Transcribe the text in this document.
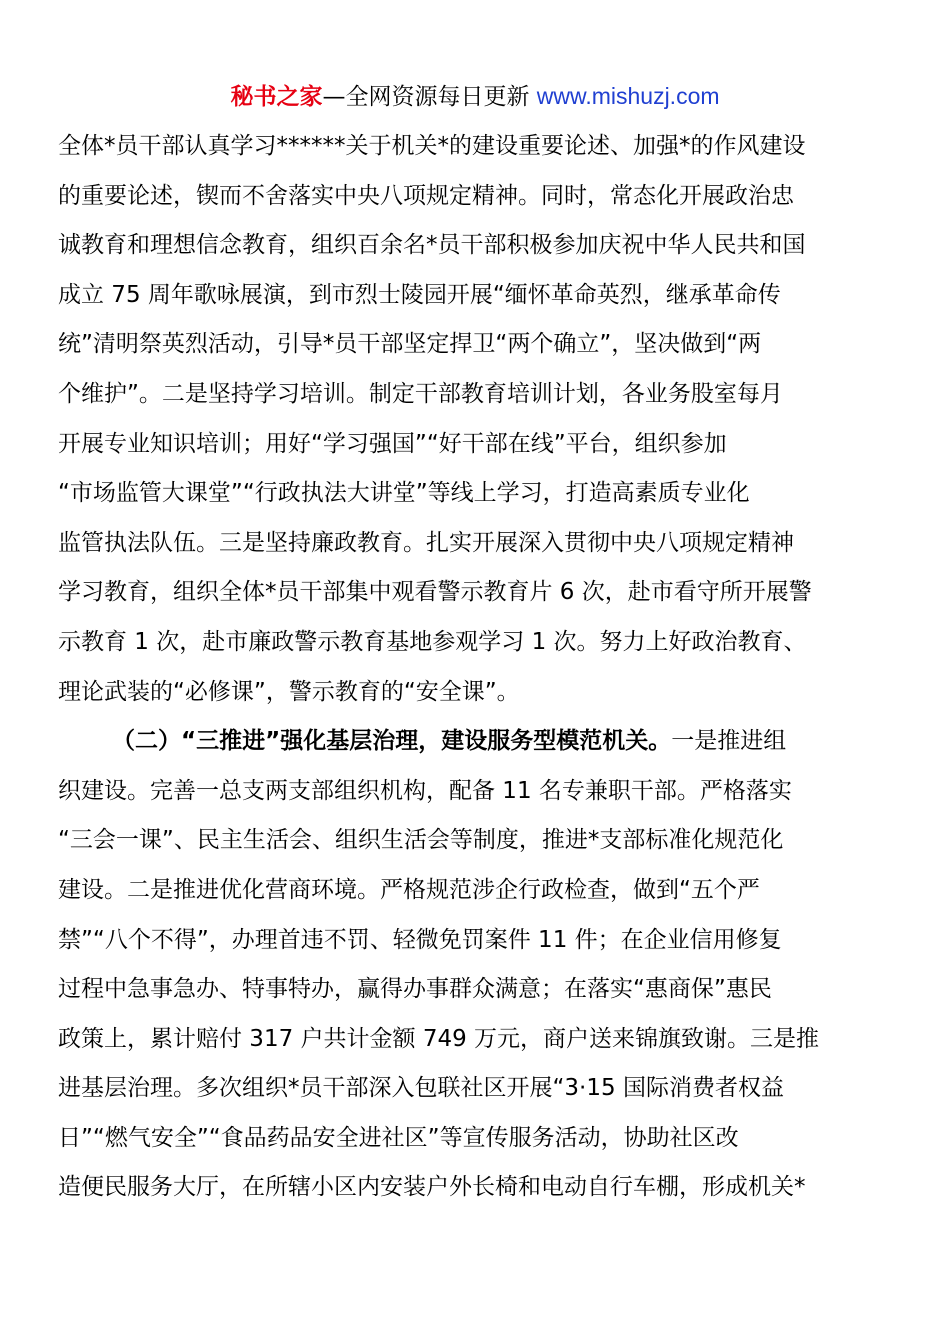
秘书之家—全网资源每日更新 www.mishuzj.com
全体*员干部认真学习******关于机关*的建设重要论述、加强*的作风建设
的重要论述，锲而不舍落实中央八项规定精神。同时，常态化开展政治忠
诚教育和理想信念教育，组织百余名*员干部积极参加庆祝中华人民共和国
成立 75 周年歌咏展演，到市烈士陵园开展“缅怀革命英烈，继承革命传
统”清明祭英烈活动，引导*员干部坚定捍卫“两个确立”，坚决做到“两
个维护”。二是坚持学习培训。制定干部教育培训计划，各业务股室每月
开展专业知识培训；用好“学习强国”“好干部在线”平台，组织参加
“市场监管大课堂”“行政执法大讲堂”等线上学习，打造高素质专业化
监管执法队伍。三是坚持廉政教育。扎实开展深入贯彻中央八项规定精神
学习教育，组织全体*员干部集中观看警示教育片 6 次，赴市看守所开展警
示教育 1 次，赴市廉政警示教育基地参观学习 1 次。努力上好政治教育、
理论武装的“必修课”，警示教育的“安全课”。
（二）“三推进”强化基层治理，建设服务型模范机关。一是推进组
织建设。完善一总支两支部组织机构，配备 11 名专兼职干部。严格落实
“三会一课”、民主生活会、组织生活会等制度，推进*支部标准化规范化
建设。二是推进优化营商环境。严格规范涉企行政检查，做到“五个严
禁”“八个不得”，办理首违不罚、轻微免罚案件 11 件；在企业信用修复
过程中急事急办、特事特办，赢得办事群众满意；在落实“惠商保”惠民
政策上，累计赔付 317 户共计金额 749 万元，商户送来锦旗致谢。三是推
进基层治理。多次组织*员干部深入包联社区开展“3·15 国际消费者权益
日”“燃气安全”“食品药品安全进社区”等宣传服务活动，协助社区改
造便民服务大厅，在所辖小区内安装户外长椅和电动自行车棚，形成机关*
